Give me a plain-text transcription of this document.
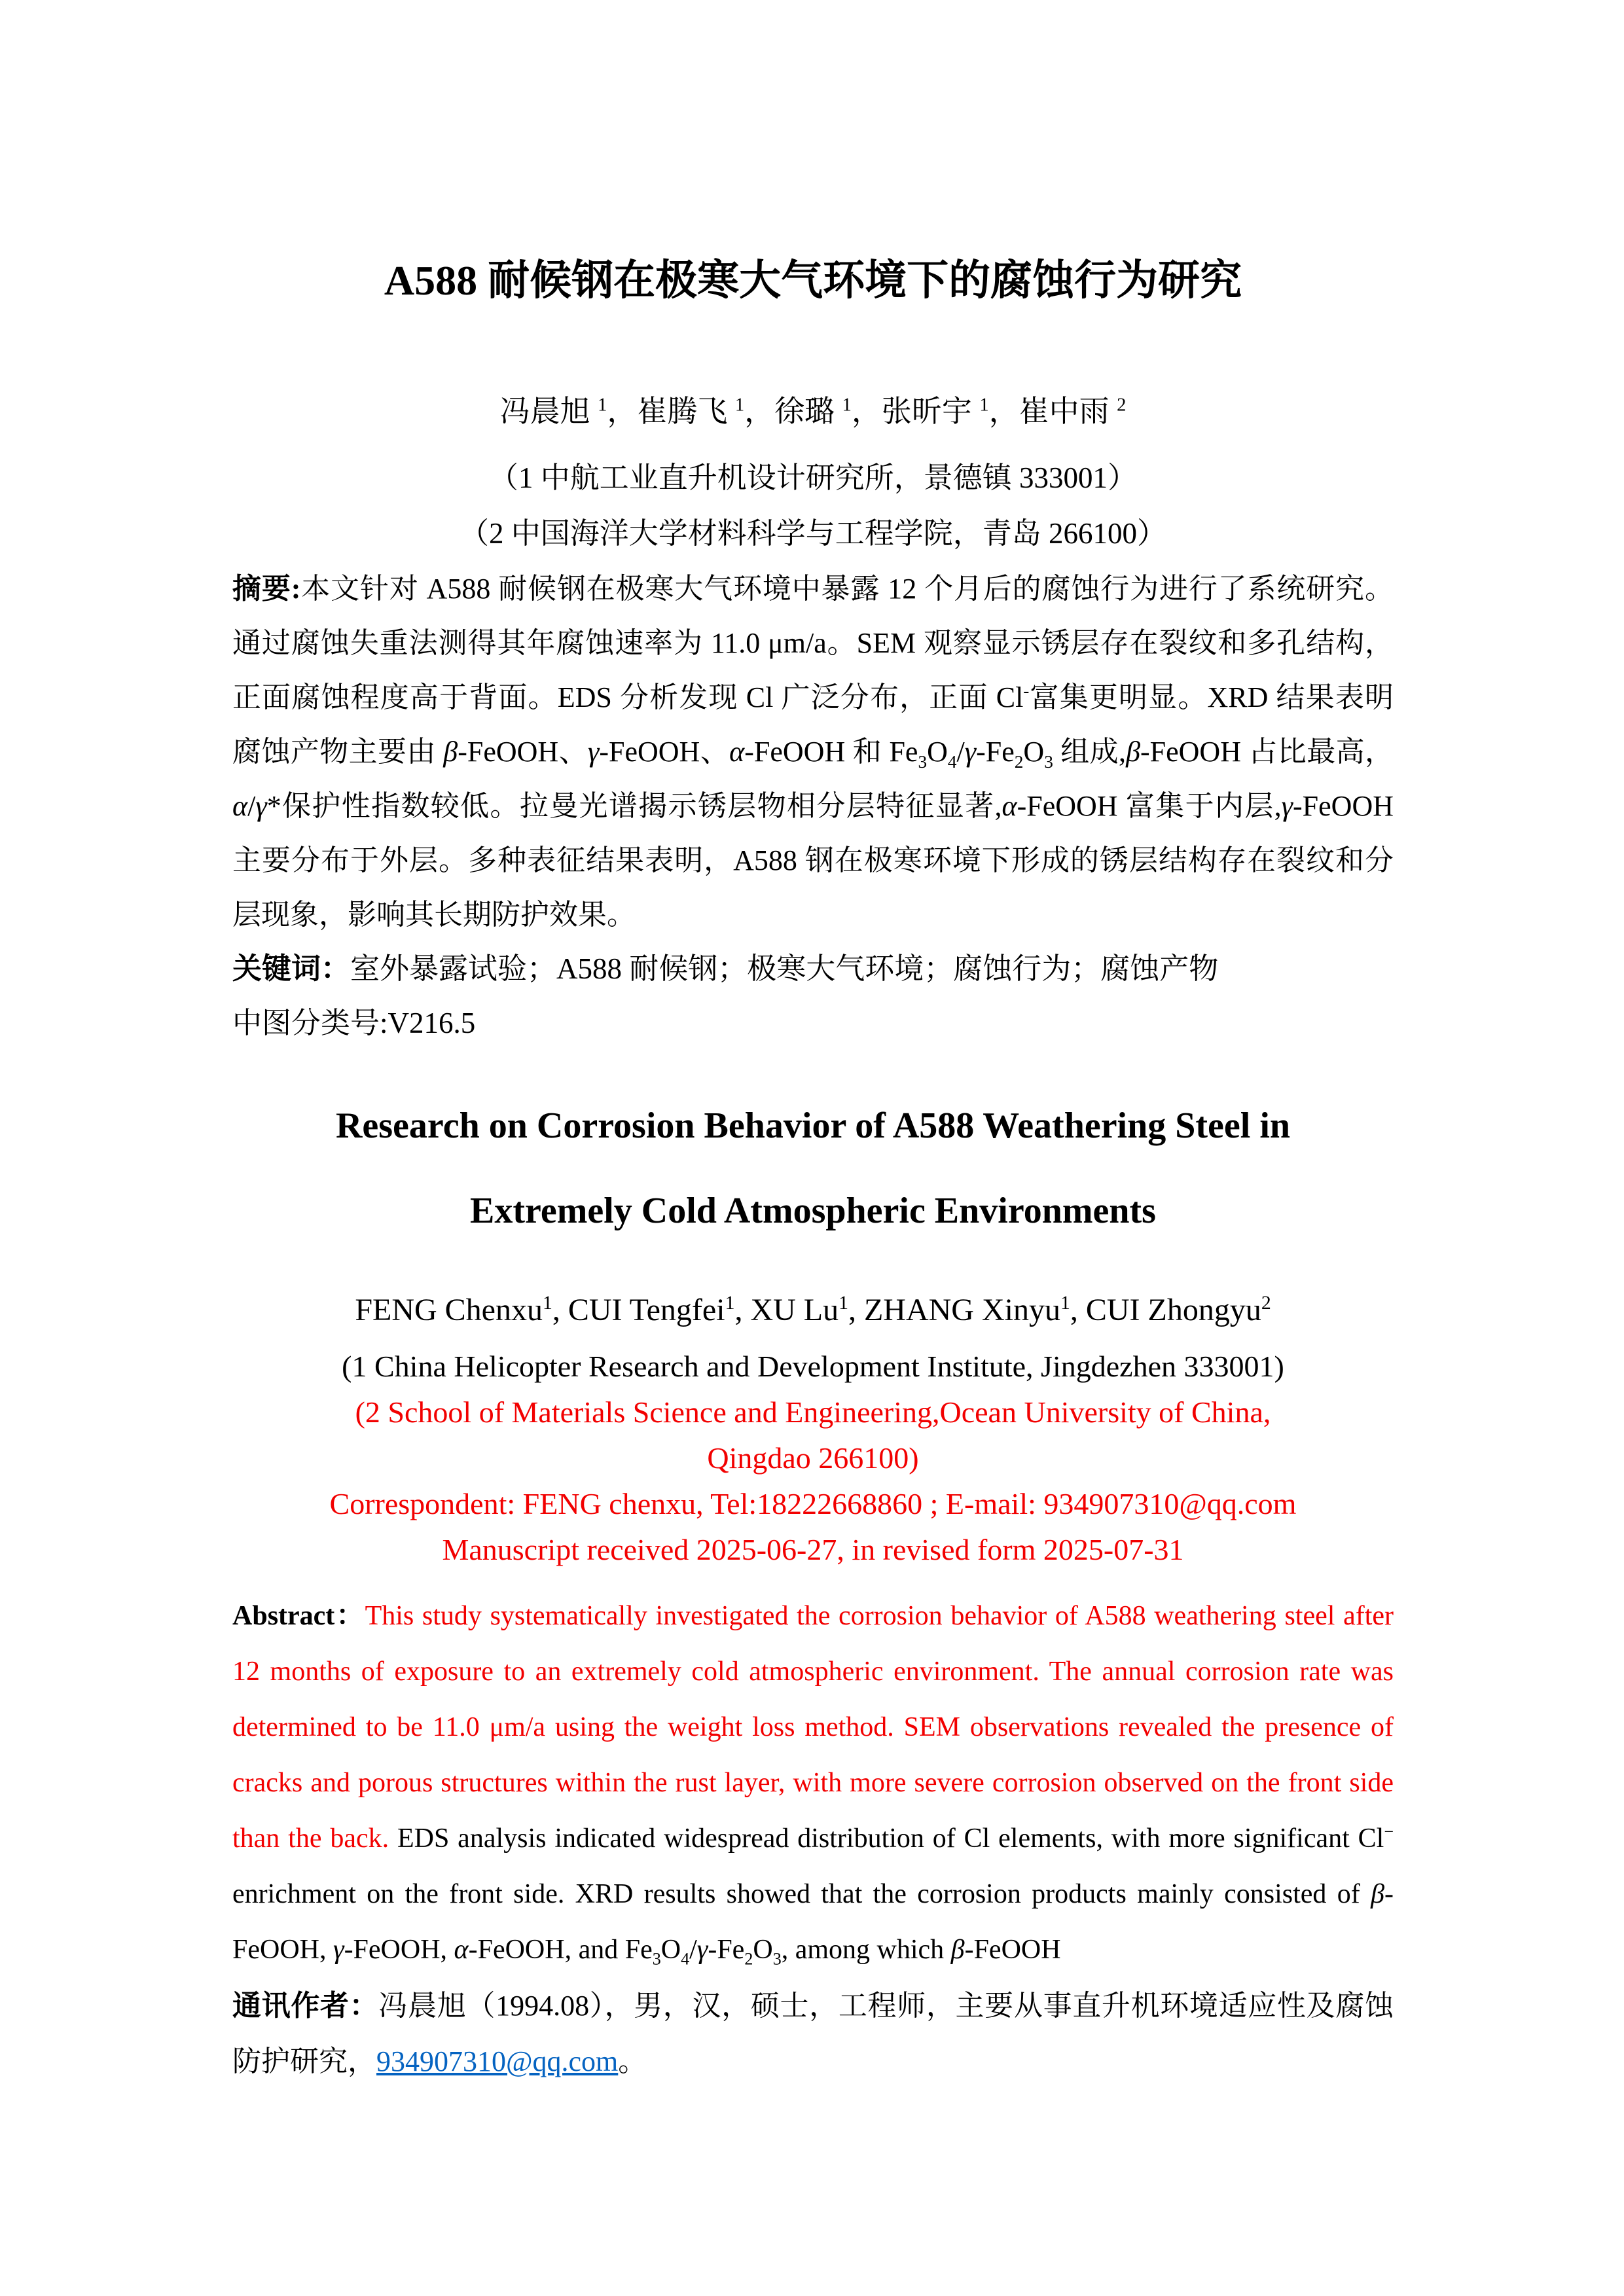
A588 耐候钢在极寒大气环境下的腐蚀行为研究
冯晨旭 $^1$，崔腾飞 $^1$，徐璐 $^1$，张昕宇 $^1$，崔中雨 $^2$
（1 中航工业直升机设计研究所，景德镇 333001）
（2 中国海洋大学材料科学与工程学院，青岛 266100）

摘要:本文针对 A588 耐候钢在极寒大气环境中暴露 12 个月后的腐蚀行为进行了系统研究。通过腐蚀失重法测得其年腐蚀速率为 11.0 μm/a。SEM 观察显示锈层存在裂纹和多孔结构，正面腐蚀程度高于背面。EDS 分析发现 Cl 广泛分布，正面 Cl-富集更明显。XRD 结果表明腐蚀产物主要由 β-FeOOH、γ-FeOOH、α-FeOOH 和 $Fe_3O_4/\gamma-Fe_2O_3$ 组成,β-FeOOH 占比最高，α/γ*保护性指数较低。拉曼光谱揭示锈层物相分层特征显著,α-FeOOH 富集于内层,γ-FeOOH 主要分布于外层。多种表征结果表明，A588 钢在极寒环境下形成的锈层结构存在裂纹和分层现象，影响其长期防护效果。

关键词：室外暴露试验；A588 耐候钢；极寒大气环境；腐蚀行为；腐蚀产物

中图分类号:V216.5

Research on Corrosion Behavior of A588 Weathering Steel in
Extremely Cold Atmospheric Environments
FENG Chenxu$^1$, CUI Tengfei$^1$, XU Lu$^1$, ZHANG Xinyu$^1$, CUI Zhongyu$^2$
(1 China Helicopter Research and Development Institute, Jingdezhen 333001)
(2 School of Materials Science and Engineering,Ocean University of China,
Qingdao 266100)
Correspondent: FENG chenxu, Tel:18222668860 ; E-mail: 934907310@qq.com
Manuscript received 2025-06-27, in revised form 2025-07-31

Abstract：This study systematically investigated the corrosion behavior of A588 weathering steel after 12 months of exposure to an extremely cold atmospheric environment. The annual corrosion rate was determined to be 11.0 μm/a using the weight loss method. SEM observations revealed the presence of cracks and porous structures within the rust layer, with more severe corrosion observed on the front side than the back. EDS analysis indicated widespread distribution of Cl elements, with more significant Cl− enrichment on the front side. XRD results showed that the corrosion products mainly consisted of β-FeOOH, γ-FeOOH, α-FeOOH, and $Fe_3O_4/\gamma-Fe_2O_3$, among which β-FeOOH

通讯作者：冯晨旭（1994.08），男，汉，硕士，工程师，主要从事直升机环境适应性及腐蚀防护研究，934907310@qq.com。
